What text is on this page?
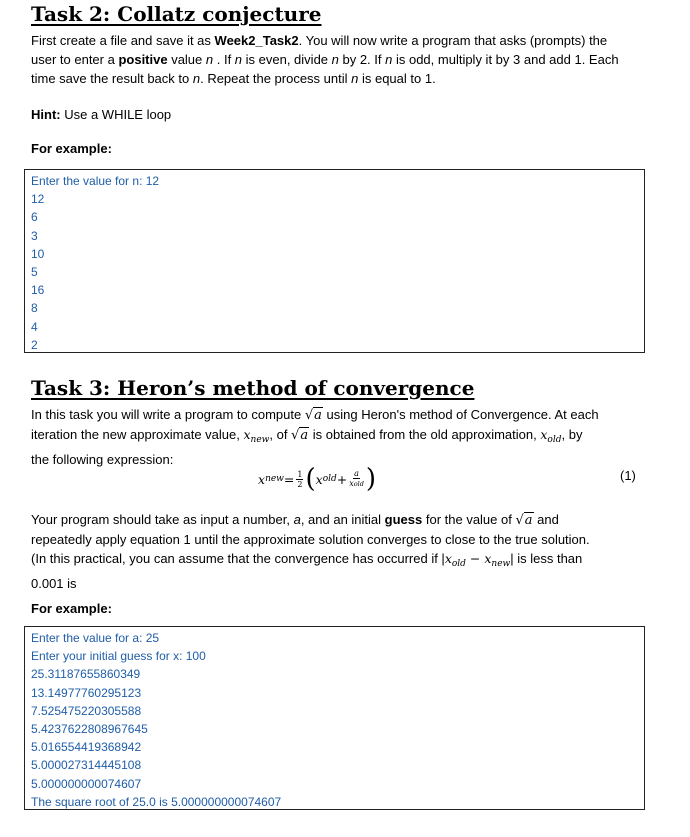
Task 2: Collatz conjecture
First create a file and save it as Week2_Task2. You will now write a program that asks (prompts) the
user to enter a positive value n . If n is even, divide n by 2. If n is odd, multiply it by 3 and add 1. Each
time save the result back to n. Repeat the process until n is equal to 1.
Hint: Use a WHILE loop
For example:
Enter the value for n: 12
12
6
3
10
5
16
8
4
2
Task 3: Heron’s method of convergence
In this task you will write a program to compute √a using Heron's method of Convergence. At each
iteration the new approximate value, $x_{new}$, of √a is obtained from the old approximation, $x_{old}$, by
the following expression:
x new = $\frac{1}{2}$ ( x old + $\frac{a}{\text{xold}}$ )	(1)
Your program should take as input a number, a, and an initial guess for the value of √a and
repeatedly apply equation 1 until the approximate solution converges to close to the true solution.
(In this practical, you can assume that the convergence has occurred if $|x_{old} - x_{new}|$ is less than
0.001 is
For example:
Enter the value for a: 25
Enter your initial guess for x: 100
25.31187655860349
13.14977760295123
7.525475220305588
5.4237622808967645
5.016554419368942
5.000027314445108
5.000000000074607
The square root of 25.0 is 5.000000000074607
